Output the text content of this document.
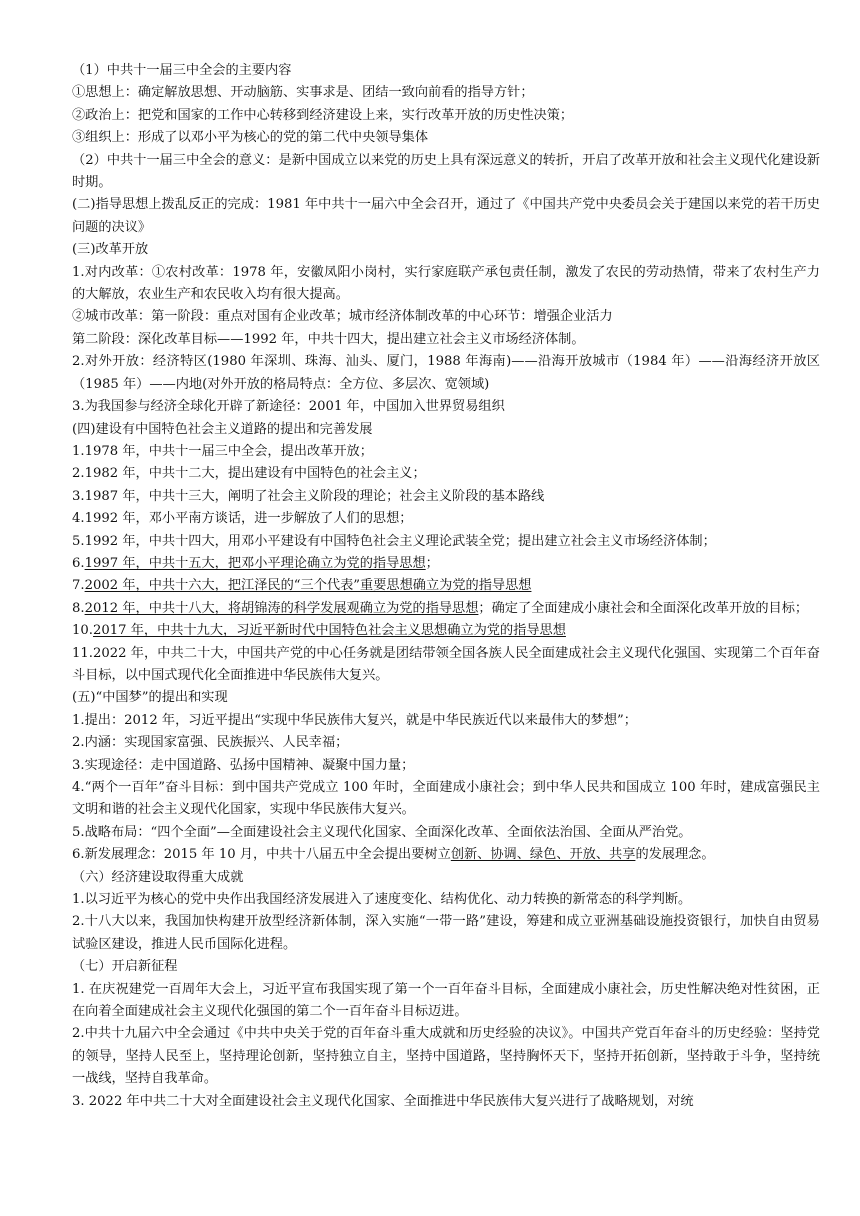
（1）中共十一届三中全会的主要内容
①思想上：确定解放思想、开动脑筋、实事求是、团结一致向前看的指导方针；
②政治上：把党和国家的工作中心转移到经济建设上来，实行改革开放的历史性决策；
③组织上：形成了以邓小平为核心的党的第二代中央领导集体
（2）中共十一届三中全会的意义：是新中国成立以来党的历史上具有深远意义的转折，开启了改革开放和社会主义现代化建设新时期。
(二)指导思想上拨乱反正的完成：1981 年中共十一届六中全会召开，通过了《中国共产党中央委员会关于建国以来党的若干历史问题的决议》
(三)改革开放
1.对内改革：①农村改革：1978 年，安徽凤阳小岗村，实行家庭联产承包责任制，激发了农民的劳动热情，带来了农村生产力的大解放，农业生产和农民收入均有很大提高。
②城市改革：第一阶段：重点对国有企业改革；城市经济体制改革的中心环节：增强企业活力
第二阶段：深化改革目标——1992 年，中共十四大，提出建立社会主义市场经济体制。
2.对外开放：经济特区(1980 年深圳、珠海、汕头、厦门，1988 年海南)——沿海开放城市（1984 年）——沿海经济开放区（1985 年）——内地(对外开放的格局特点：全方位、多层次、宽领域)
3.为我国参与经济全球化开辟了新途径：2001 年，中国加入世界贸易组织
(四)建设有中国特色社会主义道路的提出和完善发展
1.1978 年，中共十一届三中全会，提出改革开放；
2.1982 年，中共十二大，提出建设有中国特色的社会主义；
3.1987 年，中共十三大，阐明了社会主义阶段的理论；社会主义阶段的基本路线
4.1992 年，邓小平南方谈话，进一步解放了人们的思想；
5.1992 年，中共十四大，用邓小平建设有中国特色社会主义理论武装全党；提出建立社会主义市场经济体制；
6.1997 年，中共十五大，把邓小平理论确立为党的指导思想；
7.2002 年，中共十六大，把江泽民的“三个代表”重要思想确立为党的指导思想
8.2012 年，中共十八大，将胡锦涛的科学发展观确立为党的指导思想；确定了全面建成小康社会和全面深化改革开放的目标；
10.2017 年，中共十九大，习近平新时代中国特色社会主义思想确立为党的指导思想
11.2022 年，中共二十大，中国共产党的中心任务就是团结带领全国各族人民全面建成社会主义现代化强国、实现第二个百年奋斗目标，以中国式现代化全面推进中华民族伟大复兴。
(五)“中国梦”的提出和实现
1.提出：2012 年，习近平提出“实现中华民族伟大复兴，就是中华民族近代以来最伟大的梦想”；
2.内涵：实现国家富强、民族振兴、人民幸福；
3.实现途径：走中国道路、弘扬中国精神、凝聚中国力量；
4.“两个一百年”奋斗目标：到中国共产党成立 100 年时，全面建成小康社会；到中华人民共和国成立 100 年时，建成富强民主文明和谐的社会主义现代化国家，实现中华民族伟大复兴。
5.战略布局：“四个全面”—全面建设社会主义现代化国家、全面深化改革、全面依法治国、全面从严治党。
6.新发展理念：2015 年 10 月，中共十八届五中全会提出要树立创新、协调、绿色、开放、共享的发展理念。
（六）经济建设取得重大成就
1.以习近平为核心的党中央作出我国经济发展进入了速度变化、结构优化、动力转换的新常态的科学判断。
2.十八大以来，我国加快构建开放型经济新体制，深入实施“一带一路”建设，筹建和成立亚洲基础设施投资银行，加快自由贸易试验区建设，推进人民币国际化进程。
（七）开启新征程
1. 在庆祝建党一百周年大会上，习近平宣布我国实现了第一个一百年奋斗目标，全面建成小康社会，历史性解决绝对性贫困，正在向着全面建成社会主义现代化强国的第二个一百年奋斗目标迈进。
2.中共十九届六中全会通过《中共中央关于党的百年奋斗重大成就和历史经验的决议》。中国共产党百年奋斗的历史经验：坚持党的领导，坚持人民至上，坚持理论创新，坚持独立自主，坚持中国道路，坚持胸怀天下，坚持开拓创新，坚持敢于斗争，坚持统一战线，坚持自我革命。
3. 2022 年中共二十大对全面建设社会主义现代化国家、全面推进中华民族伟大复兴进行了战略规划，对统
